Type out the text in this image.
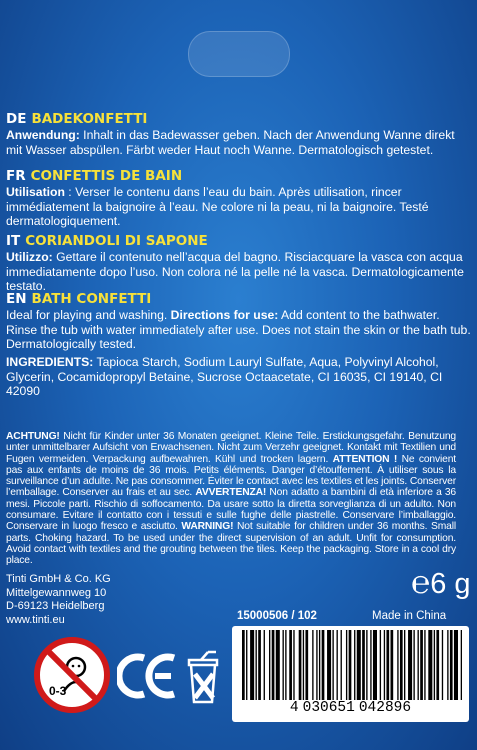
DE BADEKONFETTI

Anwendung: Inhalt in das Badewasser geben. Nach der Anwendung Wanne direkt mit Wasser abspülen. Färbt weder Haut noch Wanne. Dermatologisch getestet.

FR CONFETTIS DE BAIN

Utilisation : Verser le contenu dans l’eau du bain. Après utilisation, rincer immédiatement la baignoire à l’eau. Ne colore ni la peau, ni la baignoire. Testé dermatologiquement.

IT CORIANDOLI DI SAPONE

Utilizzo: Gettare il contenuto nell’acqua del bagno. Risciacquare la vasca con acqua immediatamente dopo l’uso. Non colora né la pelle né la vasca. Dermatologicamente testato.

EN BATH CONFETTI

Ideal for playing and washing. Directions for use: Add content to the bathwater. Rinse the tub with water immediately after use. Does not stain the skin or the bath tub. Dermatologically tested.

INGREDIENTS: Tapioca Starch, Sodium Lauryl Sulfate, Aqua, Polyvinyl Alcohol, Glycerin, Cocamidopropyl Betaine, Sucrose Octaacetate, CI 16035, CI 19140, CI 42090

ACHTUNG! Nicht für Kinder unter 36 Monaten geeignet. Kleine Teile. Erstickungsgefahr. Benutzung unter unmittelbarer Aufsicht von Erwachsenen. Nicht zum Verzehr geeignet. Kontakt mit Textilien und Fugen vermeiden. Verpackung aufbewahren. Kühl und trocken lagern. ATTENTION ! Ne convient pas aux enfants de moins de 36 mois. Petits éléments. Danger d’étouffement. À utiliser sous la surveillance d’un adulte. Ne pas consommer. Éviter le contact avec les textiles et les joints. Conserver l’emballage. Conserver au frais et au sec. AVVERTENZA! Non adatto a bambini di età inferiore a 36 mesi. Piccole parti. Rischio di soffocamento. Da usare sotto la diretta sorveglianza di un adulto. Non consumare. Evitare il contatto con i tessuti e sulle fughe delle piastrelle. Conservare l’imballaggio. Conservare in luogo fresco e asciutto. WARNING! Not suitable for children under 36 months. Small parts. Choking hazard. To be used under the direct supervision of an adult. Unfit for consumption. Avoid contact with textiles and the grouting between the tiles. Keep the packaging. Store in a cool dry place.

Tinti GmbH & Co. KG
Mittelgewannweg 10
D-69123 Heidelberg
www.tinti.eu
℮6 g
15000506 / 102	Made in China
4 030651 042896
0-3
